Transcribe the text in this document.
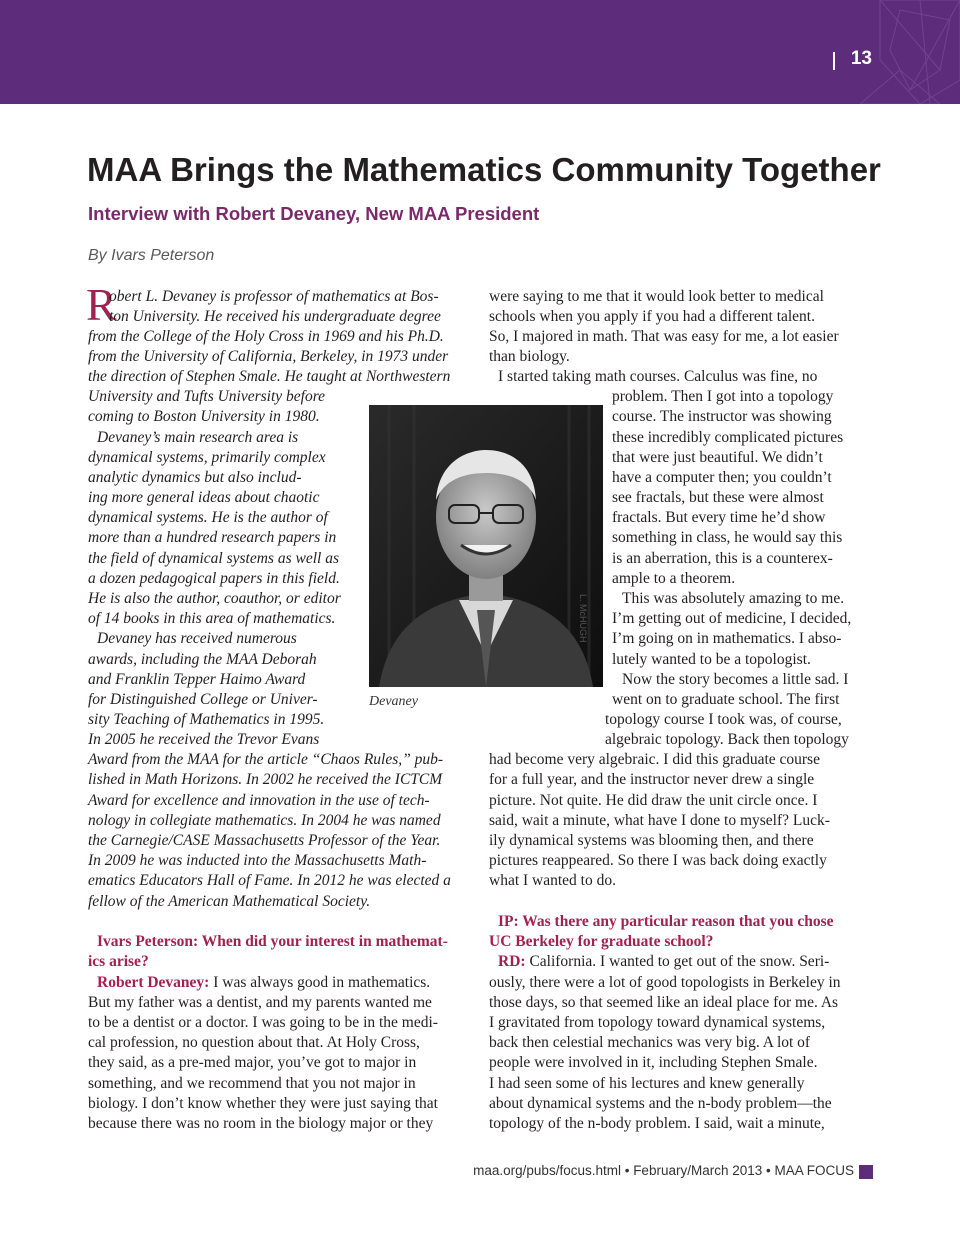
13
MAA Brings the Mathematics Community Together
Interview with Robert Devaney, New MAA President
By Ivars Peterson
R
obert L. Devaney is professor of mathematics at Bos-
ton University. He received his undergraduate degree
from the College of the Holy Cross in 1969 and his Ph.D.
from the University of California, Berkeley, in 1973 under
the direction of Stephen Smale. He taught at Northwestern
University and Tufts University before
coming to Boston University in 1980.
Devaney’s main research area is
dynamical systems, primarily complex
analytic dynamics but also includ-
ing more general ideas about chaotic
dynamical systems. He is the author of
more than a hundred research papers in
the field of dynamical systems as well as
a dozen pedagogical papers in this field.
He is also the author, coauthor, or editor
of 14 books in this area of mathematics.
Devaney has received numerous
awards, including the MAA Deborah
and Franklin Tepper Haimo Award
for Distinguished College or Univer-
sity Teaching of Mathematics in 1995.
In 2005 he received the Trevor Evans
Award from the MAA for the article “Chaos Rules,” pub-
lished in Math Horizons. In 2002 he received the ICTCM
Award for excellence and innovation in the use of tech-
nology in collegiate mathematics. In 2004 he was named
the Carnegie/CASE Massachusetts Professor of the Year.
In 2009 he was inducted into the Massachusetts Math-
ematics Educators Hall of Fame. In 2012 he was elected a
fellow of the American Mathematical Society.
Ivars Peterson: When did your interest in mathemat-
ics arise?
Robert Devaney: I was always good in mathematics.
But my father was a dentist, and my parents wanted me
to be a dentist or a doctor. I was going to be in the medi-
cal profession, no question about that. At Holy Cross,
they said, as a pre-med major, you’ve got to major in
something, and we recommend that you not major in
biology. I don’t know whether they were just saying that
because there was no room in the biology major or they
were saying to me that it would look better to medical
schools when you apply if you had a different talent.
So, I majored in math. That was easy for me, a lot easier
than biology.
I started taking math courses. Calculus was fine, no
problem. Then I got into a topology
course. The instructor was showing
these incredibly complicated pictures
that were just beautiful. We didn’t
have a computer then; you couldn’t
see fractals, but these were almost
fractals. But every time he’d show
something in class, he would say this
is an aberration, this is a counterex-
ample to a theorem.
This was absolutely amazing to me.
I’m getting out of medicine, I decided,
I’m going on in mathematics. I abso-
lutely wanted to be a topologist.
Now the story becomes a little sad. I
went on to graduate school. The first
topology course I took was, of course,
algebraic topology. Back then topology
had become very algebraic. I did this graduate course
for a full year, and the instructor never drew a single
picture. Not quite. He did draw the unit circle once. I
said, wait a minute, what have I done to myself? Luck-
ily dynamical systems was blooming then, and there
pictures reappeared. So there I was back doing exactly
what I wanted to do.
IP: Was there any particular reason that you chose
UC Berkeley for graduate school?
RD: California. I wanted to get out of the snow. Seri-
ously, there were a lot of good topologists in Berkeley in
those days, so that seemed like an ideal place for me. As
I gravitated from topology toward dynamical systems,
back then celestial mechanics was very big. A lot of
people were involved in it, including Stephen Smale.
I had seen some of his lectures and knew generally
about dynamical systems and the n-body problem—the
topology of the n-body problem. I said, wait a minute,
L. McHUGH
Devaney
maa.org/pubs/focus.html • February/March 2013 • MAA FOCUS
